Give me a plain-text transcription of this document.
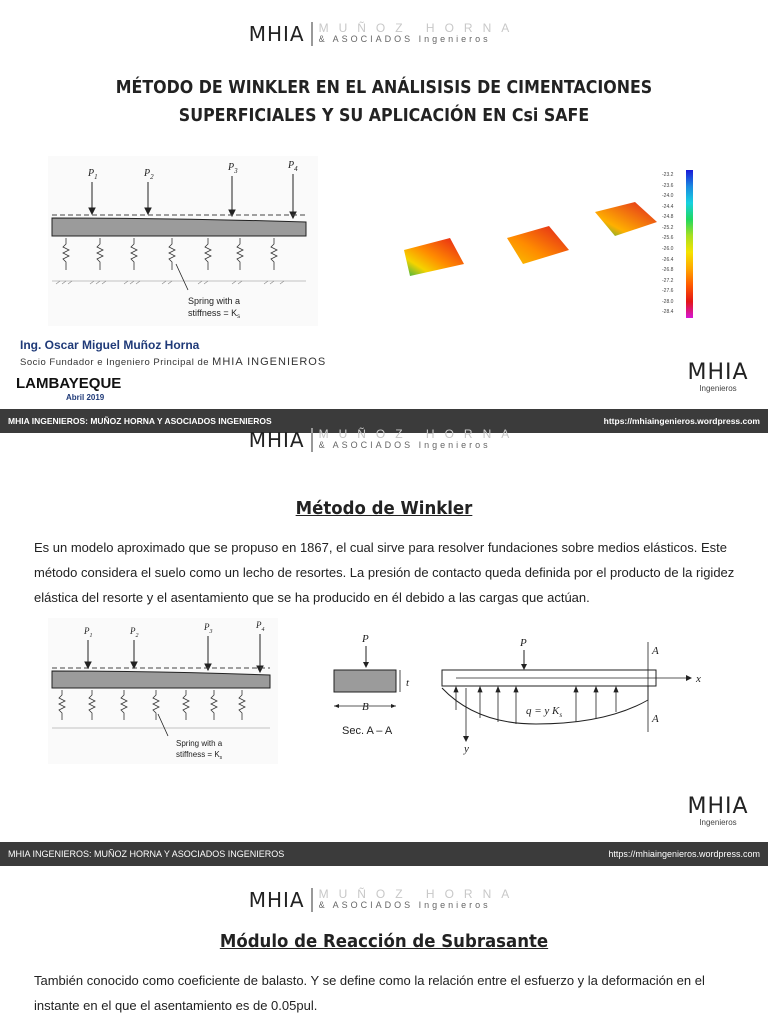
MHIA MUÑOZ HORNA
& ASOCIADOS Ingenieros
MÉTODO DE WINKLER EN EL ANÁLISISIS DE CIMENTACIONES
SUPERFICIALES Y SU APLICACIÓN EN Csi SAFE
$P_1$	$P_2$
$P_3$	$P_4$
Spring with a
stiffness = $K_s$
-23.2
-23.6
-24.0
-24.4
-24.8
-25.2
-25.6
-26.0
-26.4
-26.8
-27.2
-27.6
-28.0
-28.4
Ing. Oscar Miguel Muñoz Horna
Socio Fundador e Ingeniero Principal de MHIA INGENIEROS
LAMBAYEQUE
Abril 2019
MHIA
Ingenieros
MHIA INGENIEROS: MUÑOZ HORNA Y ASOCIADOS INGENIEROS	https://mhiaingenieros.wordpress.com
MHIA MUÑOZ HORNA
& ASOCIADOS Ingenieros
Método de Winkler
Es un modelo aproximado que se propuso en 1867, el cual sirve para resolver fundaciones sobre medios elásticos. Este
método considera el suelo como un lecho de resortes. La presión de contacto queda definida por el producto de la rigidez
elástica del resorte y el asentamiento que se ha producido en él debido a las cargas que actúan.
$P_1$	$P_2$
$P_3$
$P_4$
Spring with a
stiffness = $K_s$
P
t
B
Sec. A – A
P
A
A
x
y
q = y $K_s$
MHIA
Ingenieros
MHIA INGENIEROS: MUÑOZ HORNA Y ASOCIADOS INGENIEROS	https://mhiaingenieros.wordpress.com
MHIA MUÑOZ HORNA
& ASOCIADOS Ingenieros
Módulo de Reacción de Subrasante
También conocido como coeficiente de balasto. Y se define como la relación entre el esfuerzo y la deformación en el
instante en el que el asentamiento es de 0.05pul.
